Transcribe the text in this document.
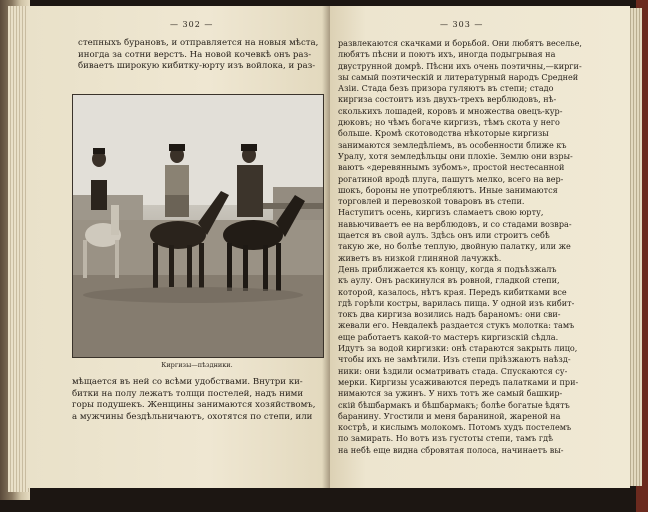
— 302 —
степныхъ бурановъ, и отправляется на новыя мѣста,
иногда за сотни верстъ. На новой кочевкѣ онъ раз-
биваетъ широкую кибитку-юрту изъ войлока, и раз-
мѣщается въ ней со всѣми удобствами. Внутри ки-
битки на полу лежатъ толщи постелей, надъ ними
горы подушекъ. Женщины занимаются хозяйствомъ,
а мужчины бездѣльничаютъ, охотятся по степи, или
Киргизы—пѣздники.
— 303 —
развлекаются скачками и борьбой. Они любятъ веселье,
любятъ пѣсни и поютъ ихъ, иногда подыгрывая на
двуструнной домрѣ. Пѣсни ихъ очень поэтичны,—кирги-
зы самый поэтическій и литературный народъ Средней
Азіи. Стада безъ призора гуляютъ въ степи; стадо
киргиза состоитъ изъ двухъ-трехъ верблюдовъ, нѣ-
сколькихъ лошадей, коровъ и множества овецъ-кур-
дюковъ; но чѣмъ богаче киргизъ, тѣмъ скота у него
больше. Кромѣ скотоводства нѣкоторые киргизы
занимаются земледѣліемъ, въ особенности ближе къ
Уралу, хотя земледѣльцы они плохіе. Землю они взры-
ваютъ «деревяннымъ зубомъ», простой нестесанной
рогатиной вродѣ плуга, пашутъ мелко, всего на вер-
шокъ, бороны не употребляютъ. Иные занимаются
торговлей и перевозкой товаровъ въ степи.
Наступитъ осень, киргизъ сламаетъ свою юрту,
навьючиваетъ ее на верблюдовъ, и со стадами возвра-
щается въ свой аулъ. Здѣсь онъ или строитъ себѣ
такую же, но болѣе теплую, двойную палатку, или же
живетъ въ низкой глиняной лачужкѣ.
День приближается къ концу, когда я подъѣзжалъ
къ аулу. Онъ раскинулся въ ровной, гладкой степи,
которой, казалось, нѣтъ края. Передъ кибитками все
гдѣ горѣли костры, варилась пища. У одной изъ кибит-
токъ два киргиза возились надъ бараномъ: они сви-
жевали его. Невдалекѣ раздается стукъ молотка: тамъ
еще работаетъ какой-то мастеръ киргизскій сѣдла.
Идутъ за водой киргизки: онѣ стараются закрыть лицо,
чтобы ихъ не замѣтили. Изъ степи пріѣзжаютъ наѣзд-
ники: они ѣздили осматривать стада. Спускаются су-
мерки. Киргизы усаживаются передъ палатками и при-
нимаются за ужинъ. У нихъ тотъ же самый башкир-
скій бѣшбармакъ и бѣшбармакъ; болѣе богатые ѣдятъ
баранину. Угостили и меня бараниной, жареной на
кострѣ, и кислымъ молокомъ. Потомъ худъ постелемъ
по замирать. Но вотъ изъ густоты степи, тамъ гдѣ
на небѣ еще видна сбровятая полоса, начинаетъ вы-
